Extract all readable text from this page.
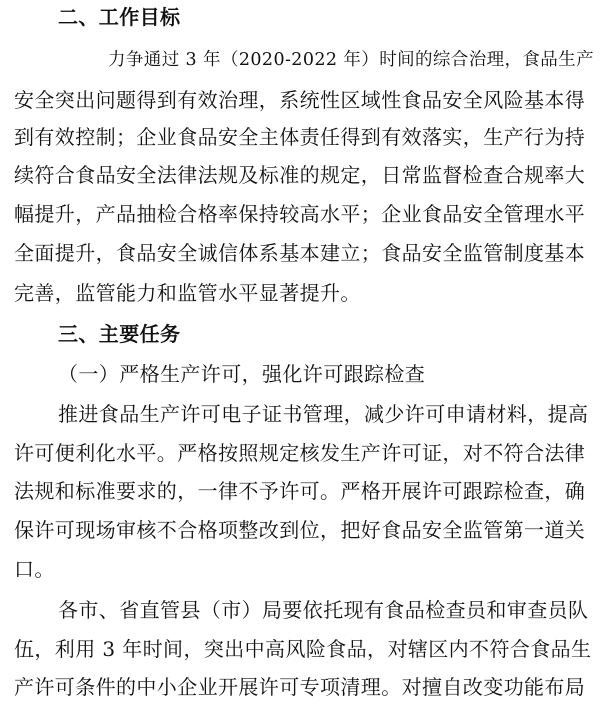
二、工作目标
力争通过 3 年（2020-2022 年）时间的综合治理，食品生产
安全突出问题得到有效治理，系统性区域性食品安全风险基本得
到有效控制；企业食品安全主体责任得到有效落实，生产行为持
续符合食品安全法律法规及标准的规定，日常监督检查合规率大
幅提升，产品抽检合格率保持较高水平；企业食品安全管理水平
全面提升，食品安全诚信体系基本建立；食品安全监管制度基本
完善，监管能力和监管水平显著提升。
三、主要任务
（一）严格生产许可，强化许可跟踪检查
推进食品生产许可电子证书管理，减少许可申请材料，提高
许可便利化水平。严格按照规定核发生产许可证，对不符合法律
法规和标准要求的，一律不予许可。严格开展许可跟踪检查，确
保许可现场审核不合格项整改到位，把好食品安全监管第一道关
口。
各市、省直管县（市）局要依托现有食品检查员和审查员队
伍，利用 3 年时间，突出中高风险食品，对辖区内不符合食品生
产许可条件的中小企业开展许可专项清理。对擅自改变功能布局
